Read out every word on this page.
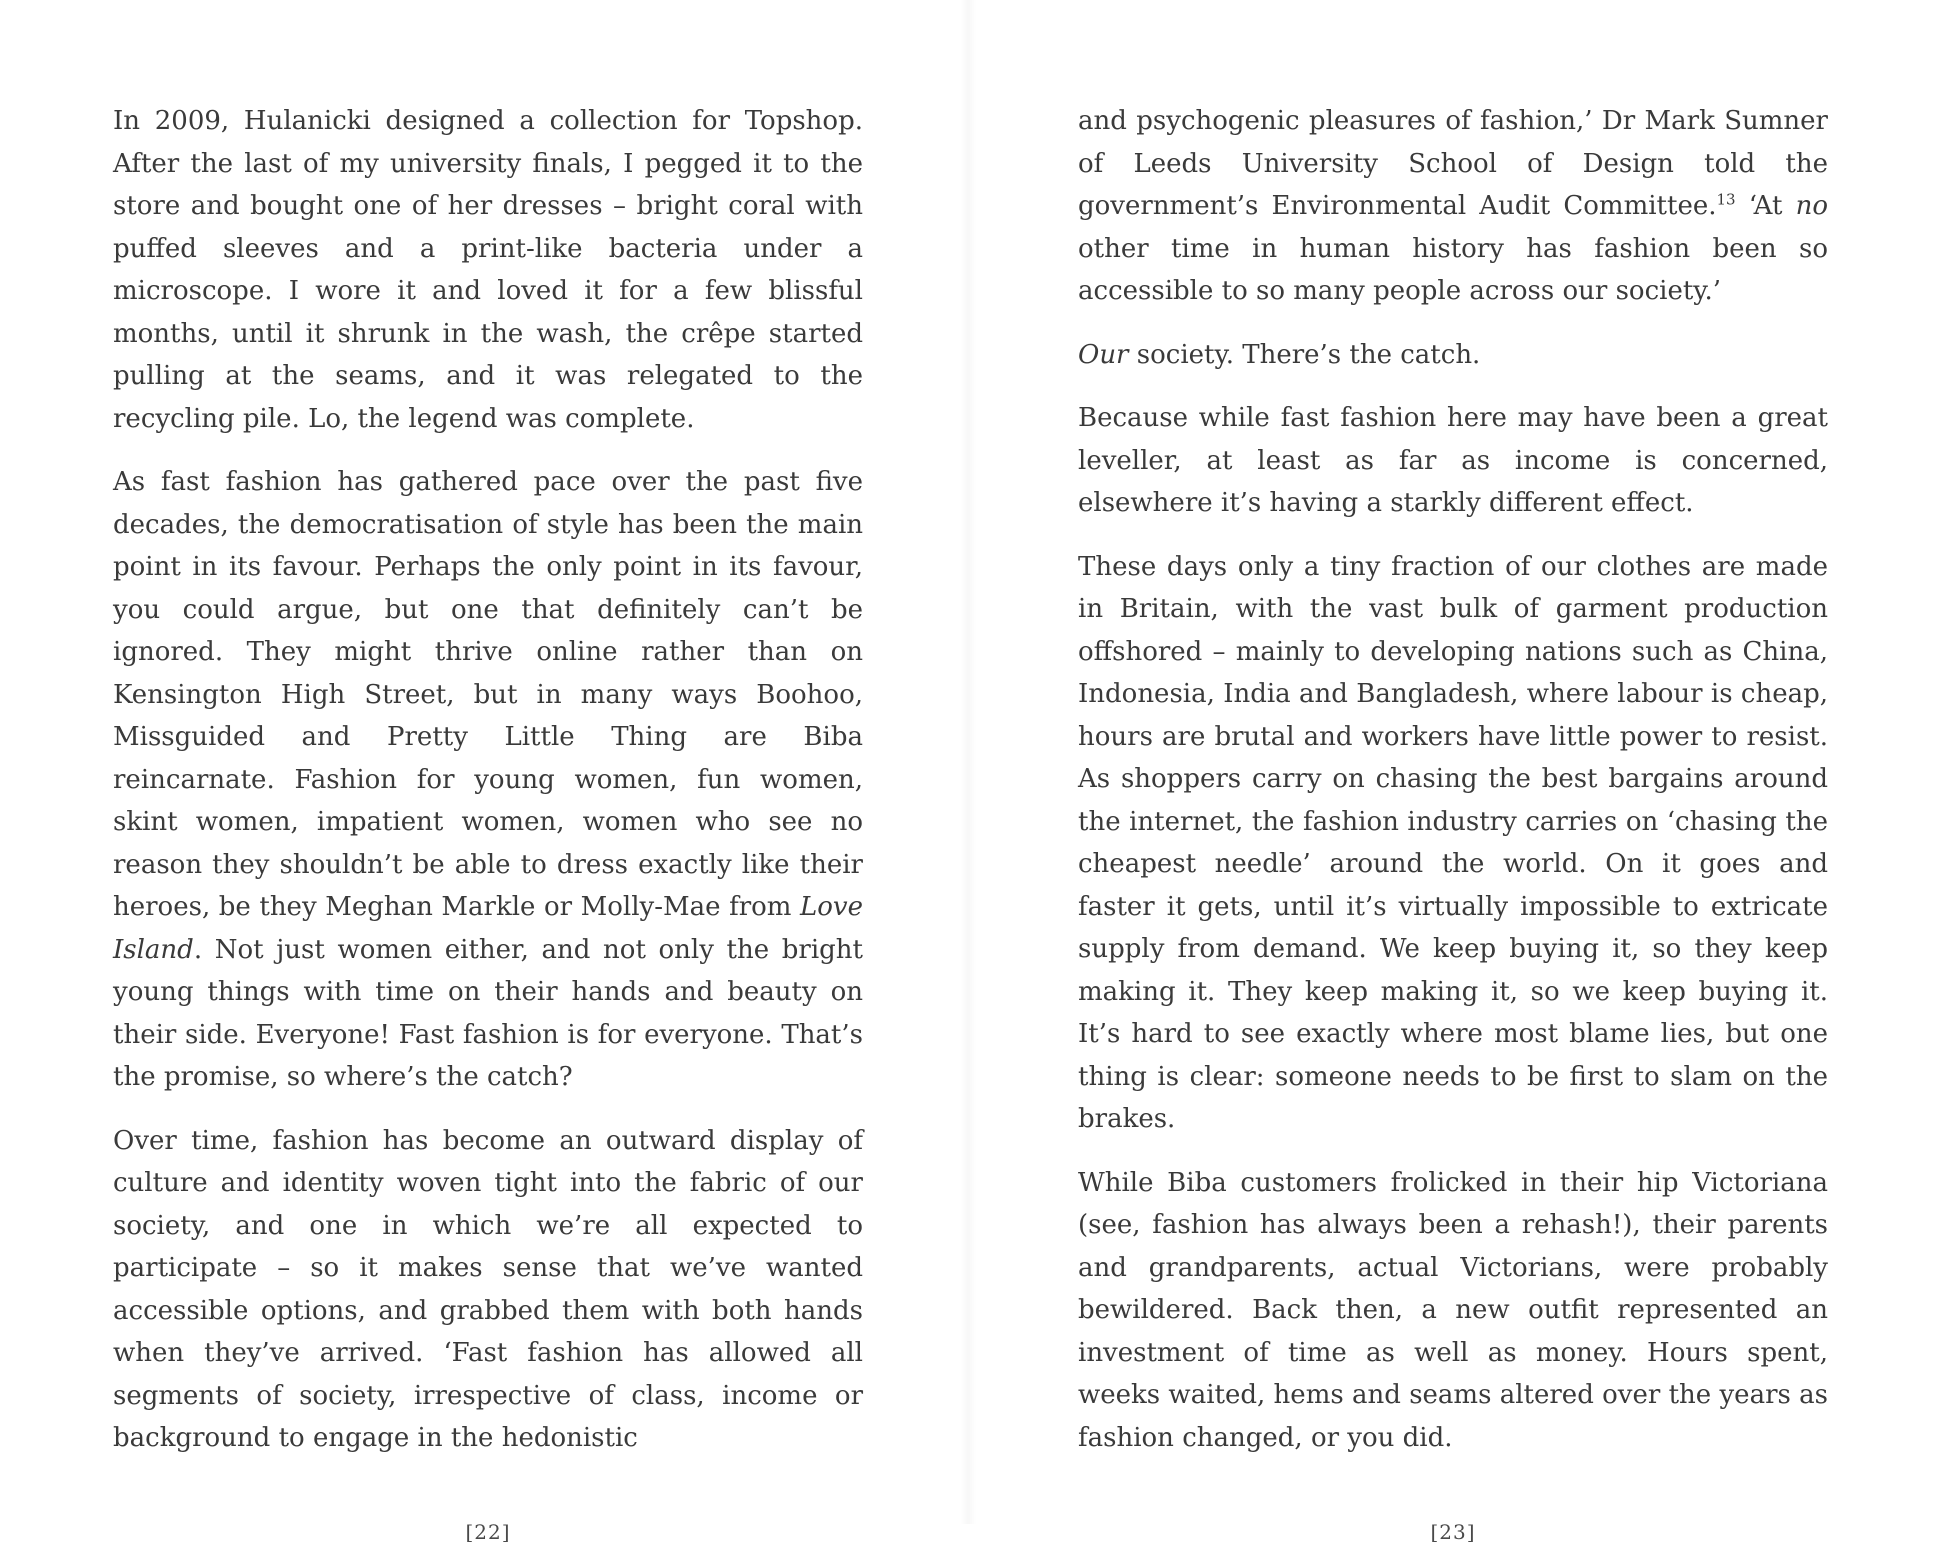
In 2009, Hulanicki designed a collection for Topshop. After the last of my university finals, I pegged it to the store and bought one of her dresses – bright coral with puffed sleeves and a print-like bacteria under a microscope. I wore it and loved it for a few blissful months, until it shrunk in the wash, the crêpe started pulling at the seams, and it was relegated to the recycling pile. Lo, the legend was complete.

As fast fashion has gathered pace over the past five decades, the democratisation of style has been the main point in its favour. Perhaps the only point in its favour, you could argue, but one that definitely can’t be ignored. They might thrive online rather than on Kensington High Street, but in many ways Boohoo, Missguided and Pretty Little Thing are Biba reincarnate. Fashion for young women, fun women, skint women, impatient women, women who see no reason they shouldn’t be able to dress exactly like their heroes, be they Meghan Markle or Molly-Mae from Love Island. Not just women either, and not only the bright young things with time on their hands and beauty on their side. Everyone! Fast fashion is for everyone. That’s the promise, so where’s the catch?

Over time, fashion has become an outward display of culture and identity woven tight into the fabric of our society, and one in which we’re all expected to participate – so it makes sense that we’ve wanted accessible options, and grabbed them with both hands when they’ve arrived. ‘Fast fashion has allowed all segments of society, irrespective of class, income or background to engage in the hedonistic

[22]

and psychogenic pleasures of fashion,’ Dr Mark Sumner of Leeds University School of Design told the government’s Environmental Audit Committee.$^{13}$ ‘At no other time in human history has fashion been so accessible to so many people across our society.’

Our society. There’s the catch.

Because while fast fashion here may have been a great leveller, at least as far as income is concerned, elsewhere it’s having a starkly different effect.

These days only a tiny fraction of our clothes are made in Britain, with the vast bulk of garment production offshored – mainly to developing nations such as China, Indonesia, India and Bangladesh, where labour is cheap, hours are brutal and workers have little power to resist. As shoppers carry on chasing the best bargains around the internet, the fashion industry carries on ‘chasing the cheapest needle’ around the world. On it goes and faster it gets, until it’s virtually impossible to extricate supply from demand. We keep buying it, so they keep making it. They keep making it, so we keep buying it. It’s hard to see exactly where most blame lies, but one thing is clear: someone needs to be first to slam on the brakes.

While Biba customers frolicked in their hip Victoriana (see, fashion has always been a rehash!), their parents and grandparents, actual Victorians, were probably bewildered. Back then, a new outfit represented an investment of time as well as money. Hours spent, weeks waited, hems and seams altered over the years as fashion changed, or you did.

[23]
